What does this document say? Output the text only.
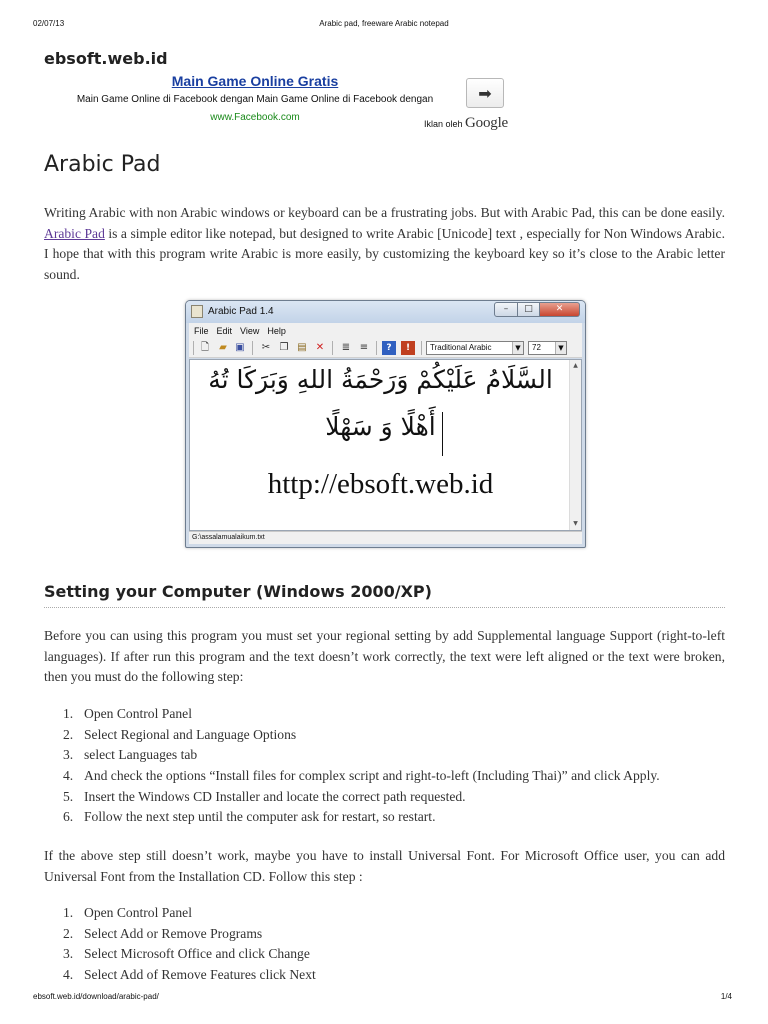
02/07/13	Arabic pad, freeware Arabic notepad
ebsoft.web.id
Main Game Online Gratis
Main Game Online di Facebook dengan Main Game Online di Facebook dengan
www.Facebook.com
➡
Iklan oleh Google
Arabic Pad

Writing Arabic with non Arabic windows or keyboard can be a frustrating jobs. But with Arabic Pad, this can be done easily. Arabic Pad is a simple editor like notepad, but designed to write Arabic [Unicode] text , especially for Non Windows Arabic. I hope that with this program write Arabic is more easily, by customizing the keyboard key so it’s close to the Arabic letter sound.

Arabic Pad 1.4	–	□	✕
File Edit View Help
🗋	▰ ▣ ✂ ❐ ▤ ✕ ≣ ≡	?	!	Traditional Arabic	▼	72	▼
السَّلَامُ عَلَيْكُمْ وَرَحْمَةُ اللهِ وَبَرَكَا تُهُ
أَهْلًا وَ سَهْلًا
http://ebsoft.web.id
▲
▼
G:\assalamualaikum.txt
Setting your Computer (Windows 2000/XP)

Before you can using this program you must set your regional setting by add Supplemental language Support (right-to-left languages). If after run this program and the text doesn’t work correctly, the text were left aligned or the text were broken, then you must do the following step:

1. Open Control Panel
2. Select Regional and Language Options
3. select Languages tab
4. And check the options “Install files for complex script and right-to-left (Including Thai)” and click Apply.
5. Insert the Windows CD Installer and locate the correct path requested.
6. Follow the next step until the computer ask for restart, so restart.

If the above step still doesn’t work, maybe you have to install Universal Font. For Microsoft Office user, you can add Universal Font from the Installation CD. Follow this step :

1. Open Control Panel
2. Select Add or Remove Programs
3. Select Microsoft Office and click Change
4. Select Add of Remove Features click Next
ebsoft.web.id/download/arabic-pad/	1/4
